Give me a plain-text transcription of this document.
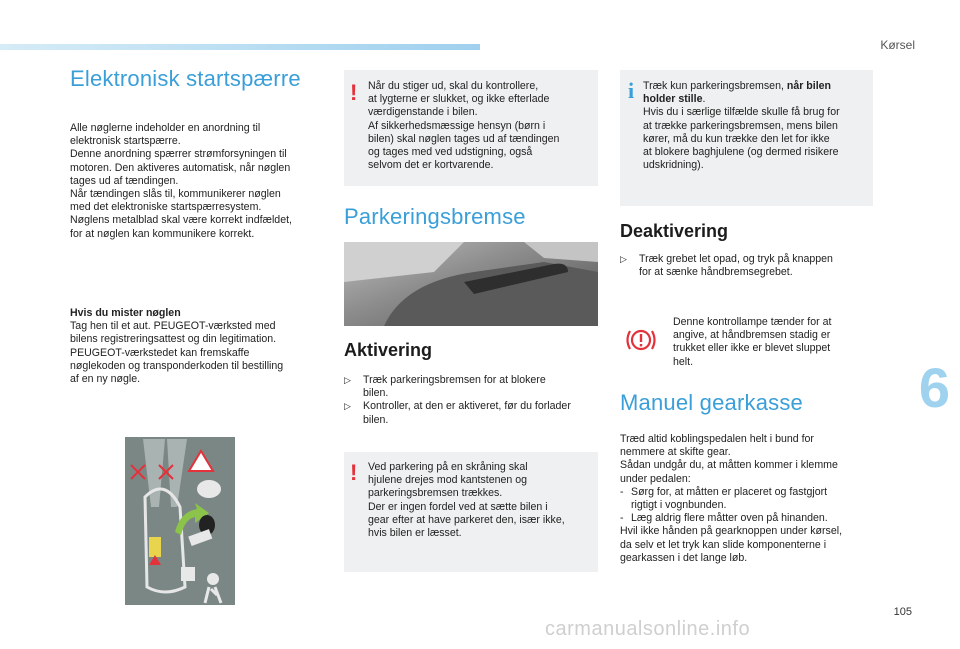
Kørsel
6
105
Elektronisk startspærre
Alle nøglerne indeholder en anordning til
elektronisk startspærre.
Denne anordning spærrer strømforsyningen til
motoren. Den aktiveres automatisk, når nøglen
tages ud af tændingen.
Når tændingen slås til, kommunikerer nøglen
med det elektroniske startspærresystem.
Nøglens metalblad skal være korrekt indfældet,
for at nøglen kan kommunikere korrekt.
Hvis du mister nøglen
Tag hen til et aut. PEUGEOT-værksted med
bilens registreringsattest og din legitimation.
PEUGEOT-værkstedet kan fremskaffe
nøglekoden og transponderkoden til bestilling
af en ny nøgle.
! Når du stiger ud, skal du kontrollere,
at lygterne er slukket, og ikke efterlade
værdigenstande i bilen.
Af sikkerhedsmæssige hensyn (børn i
bilen) skal nøglen tages ud af tændingen
og tages med ved udstigning, også
selvom det er kortvarende.
Parkeringsbremse
Aktivering
▷ Træk parkeringsbremsen for at blokere
bilen.
▷ Kontroller, at den er aktiveret, før du forlader
bilen.
! Ved parkering på en skråning skal
hjulene drejes mod kantstenen og
parkeringsbremsen trækkes.
Der er ingen fordel ved at sætte bilen i
gear efter at have parkeret den, især ikke,
hvis bilen er læsset.
i Træk kun parkeringsbremsen, når bilen
holder stille.
Hvis du i særlige tilfælde skulle få brug for
at trække parkeringsbremsen, mens bilen
kører, må du kun trække den let for ikke
at blokere baghjulene (og dermed risikere
udskridning).
Deaktivering
▷ Træk grebet let opad, og tryk på knappen
for at sænke håndbremsegrebet.
Denne kontrollampe tænder for at
angive, at håndbremsen stadig er
trukket eller ikke er blevet sluppet
helt.
Manuel gearkasse
Træd altid koblingspedalen helt i bund for
nemmere at skifte gear.
Sådan undgår du, at måtten kommer i klemme
under pedalen:
- Sørg for, at måtten er placeret og fastgjort
rigtigt i vognbunden.
- Læg aldrig flere måtter oven på hinanden.
Hvil ikke hånden på gearknoppen under kørsel,
da selv et let tryk kan slide komponenterne i
gearkassen i det lange løb.
carmanualsonline.info
